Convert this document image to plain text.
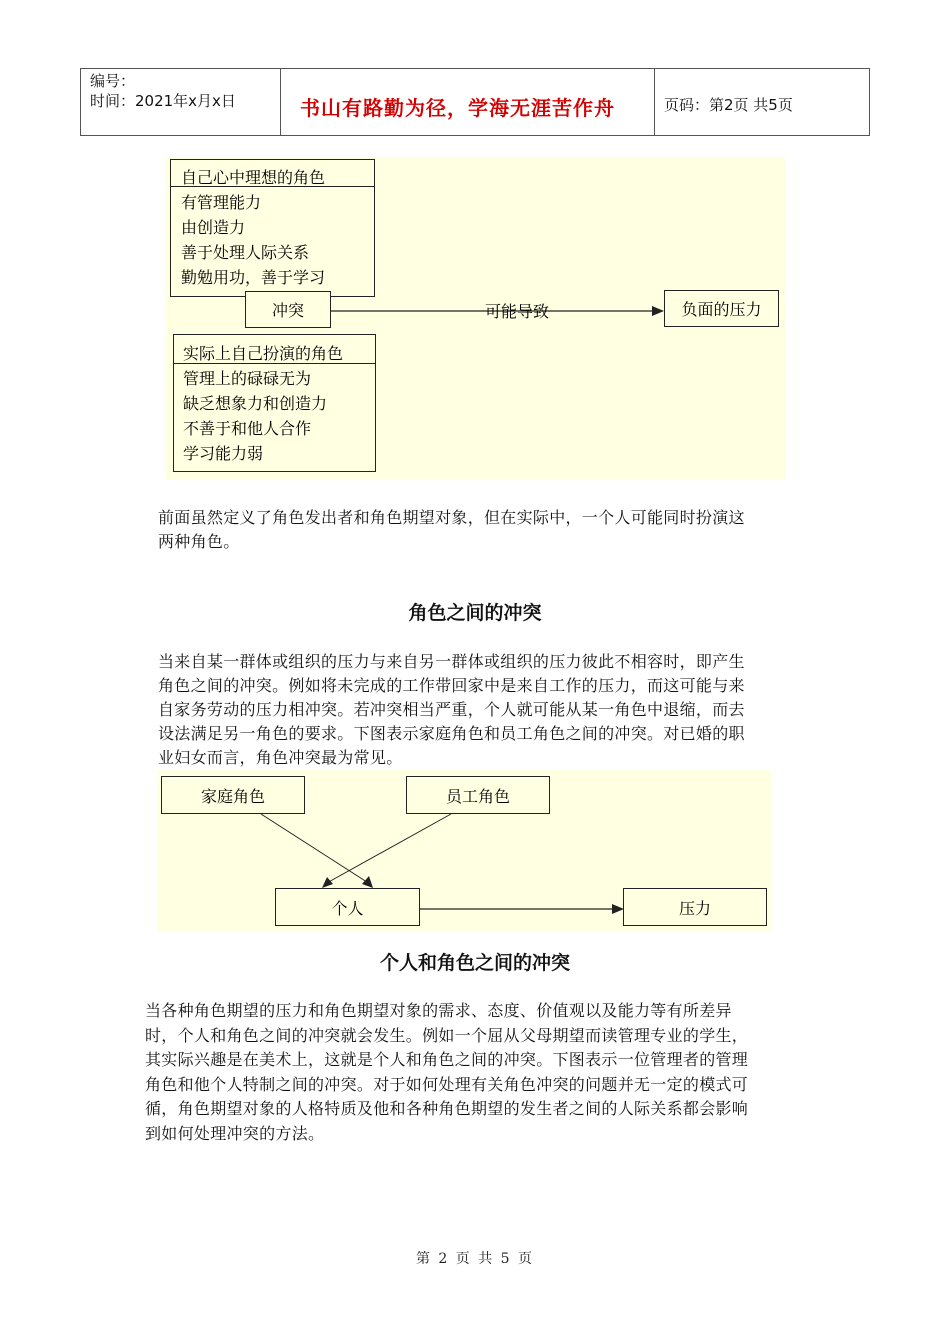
编号：
时间：2021年x月x日	书山有路勤为径，学海无涯苦作舟	页码：第2页 共5页
自己心中理想的角色
有管理能力
由创造力
善于处理人际关系
勤勉用功，善于学习
冲突	可能导致	负面的压力
实际上自己扮演的角色
管理上的碌碌无为
缺乏想象力和创造力
不善于和他人合作
学习能力弱
前面虽然定义了角色发出者和角色期望对象，但在实际中，一个人可能同时扮演这
两种角色。
角色之间的冲突
当来自某一群体或组织的压力与来自另一群体或组织的压力彼此不相容时，即产生
角色之间的冲突。例如将未完成的工作带回家中是来自工作的压力，而这可能与来
自家务劳动的压力相冲突。若冲突相当严重，个人就可能从某一角色中退缩，而去
设法满足另一角色的要求。下图表示家庭角色和员工角色之间的冲突。对已婚的职
业妇女而言，角色冲突最为常见。
家庭角色	员工角色
个人	压力
个人和角色之间的冲突
当各种角色期望的压力和角色期望对象的需求、态度、价值观以及能力等有所差异
时，个人和角色之间的冲突就会发生。例如一个屈从父母期望而读管理专业的学生，
其实际兴趣是在美术上，这就是个人和角色之间的冲突。下图表示一位管理者的管理
角色和他个人特制之间的冲突。对于如何处理有关角色冲突的问题并无一定的模式可
循，角色期望对象的人格特质及他和各种角色期望的发生者之间的人际关系都会影响
到如何处理冲突的方法。
第 2 页 共 5 页
